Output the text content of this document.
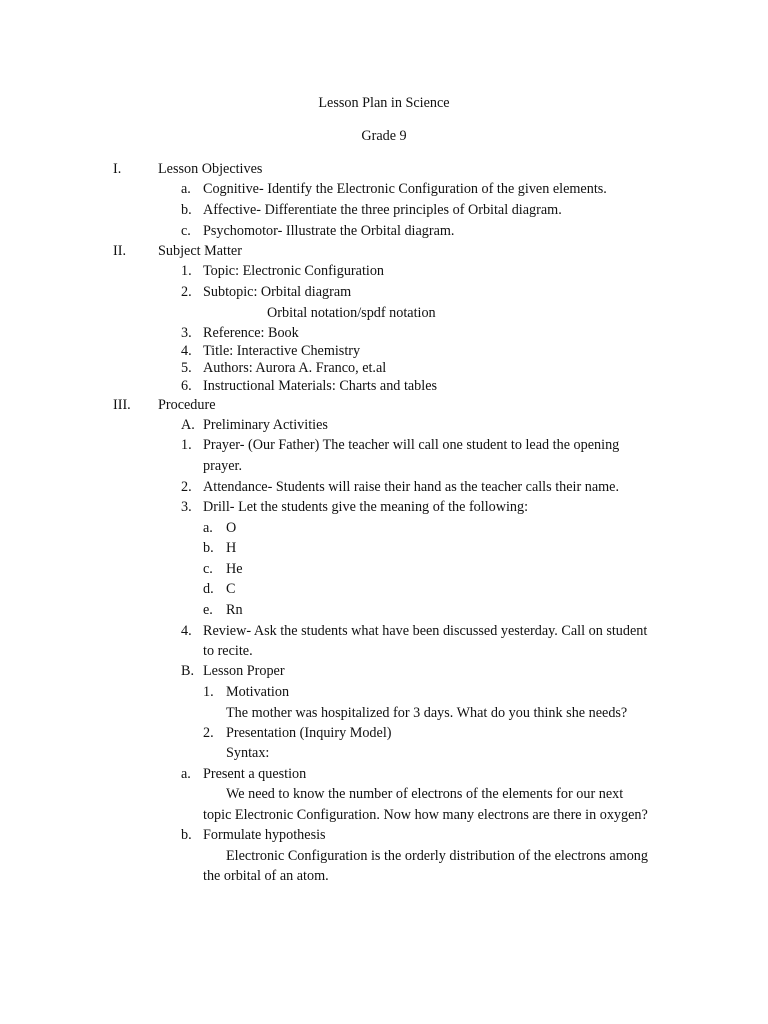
Lesson Plan in Science
Grade 9
I.	Lesson Objectives
a. Cognitive- Identify the Electronic Configuration of the given elements.
b. Affective- Differentiate the three principles of Orbital diagram.
c. Psychomotor- Illustrate the Orbital diagram.
II. Subject Matter
1. Topic: Electronic Configuration
2. Subtopic: Orbital diagram
Orbital notation/spdf notation
3. Reference: Book
4. Title: Interactive Chemistry
5. Authors: Aurora A. Franco, et.al
6. Instructional Materials: Charts and tables
III. Procedure
A. Preliminary Activities
1. Prayer- (Our Father) The teacher will call one student to lead the opening
prayer.
2. Attendance- Students will raise their hand as the teacher calls their name.
3. Drill- Let the students give the meaning of the following:
a. O
b. H
c. He
d. C
e. Rn
4. Review- Ask the students what have been discussed yesterday. Call on student
to recite.
B. Lesson Proper
1. Motivation
The mother was hospitalized for 3 days. What do you think she needs?
2. Presentation (Inquiry Model)
Syntax:
a. Present a question
We need to know the number of electrons of the elements for our next
topic Electronic Configuration. Now how many electrons are there in oxygen?
b. Formulate hypothesis
Electronic Configuration is the orderly distribution of the electrons among
the orbital of an atom.
